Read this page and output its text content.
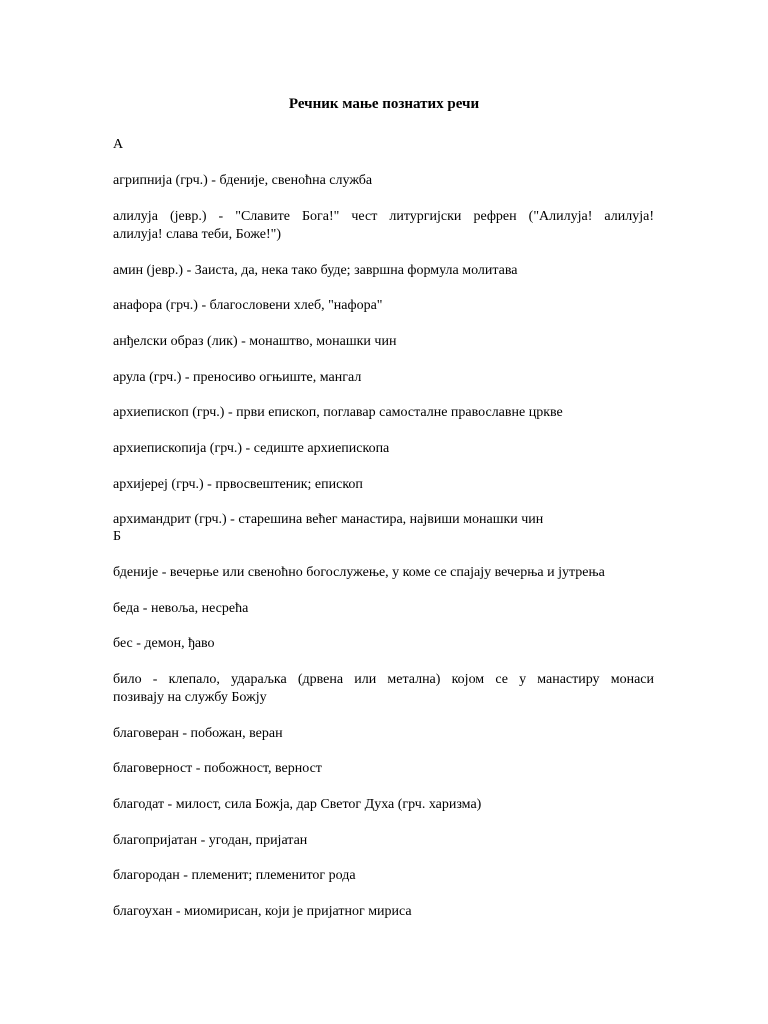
Речник мање познатих речи

А

агрипнија (грч.) - бденије, свеноћна служба

алилуја (јевр.) - "Славите Бога!" чест литургијски рефрен ("Алилуја! алилуја!

алилуја! слава теби, Боже!")

амин (јевр.) - Заиста, да, нека тако буде; завршна формула молитава

анафора (грч.) - благословени хлеб, "нафора"

анђелски образ (лик) - монаштво, монашки чин

арула (грч.) - преносиво огњиште, мангал

архиепископ (грч.) - први епископ, поглавар самосталне православне цркве

архиепископија (грч.) - седиште архиепископа

архијереј (грч.) - првосвештеник; епископ

архимандрит (грч.) - старешина већег манастира, највиши монашки чин

Б

бденије - вечерње или свеноћно богослужење, у коме се спајају вечерња и јутрења

беда - невоља, несрећа

бес - демон, ђаво

било - клепало, удараљка (дрвена или метална) којом се у манастиру монаси

позивају на службу Божју

благоверан - побожан, веран

благоверност - побожност, верност

благодат - милост, сила Божја, дар Светог Духа (грч. харизма)

благопријатан - угодан, пријатан

благородан - племенит; племенитог рода

благоухан - миомирисан, који је пријатног мириса
